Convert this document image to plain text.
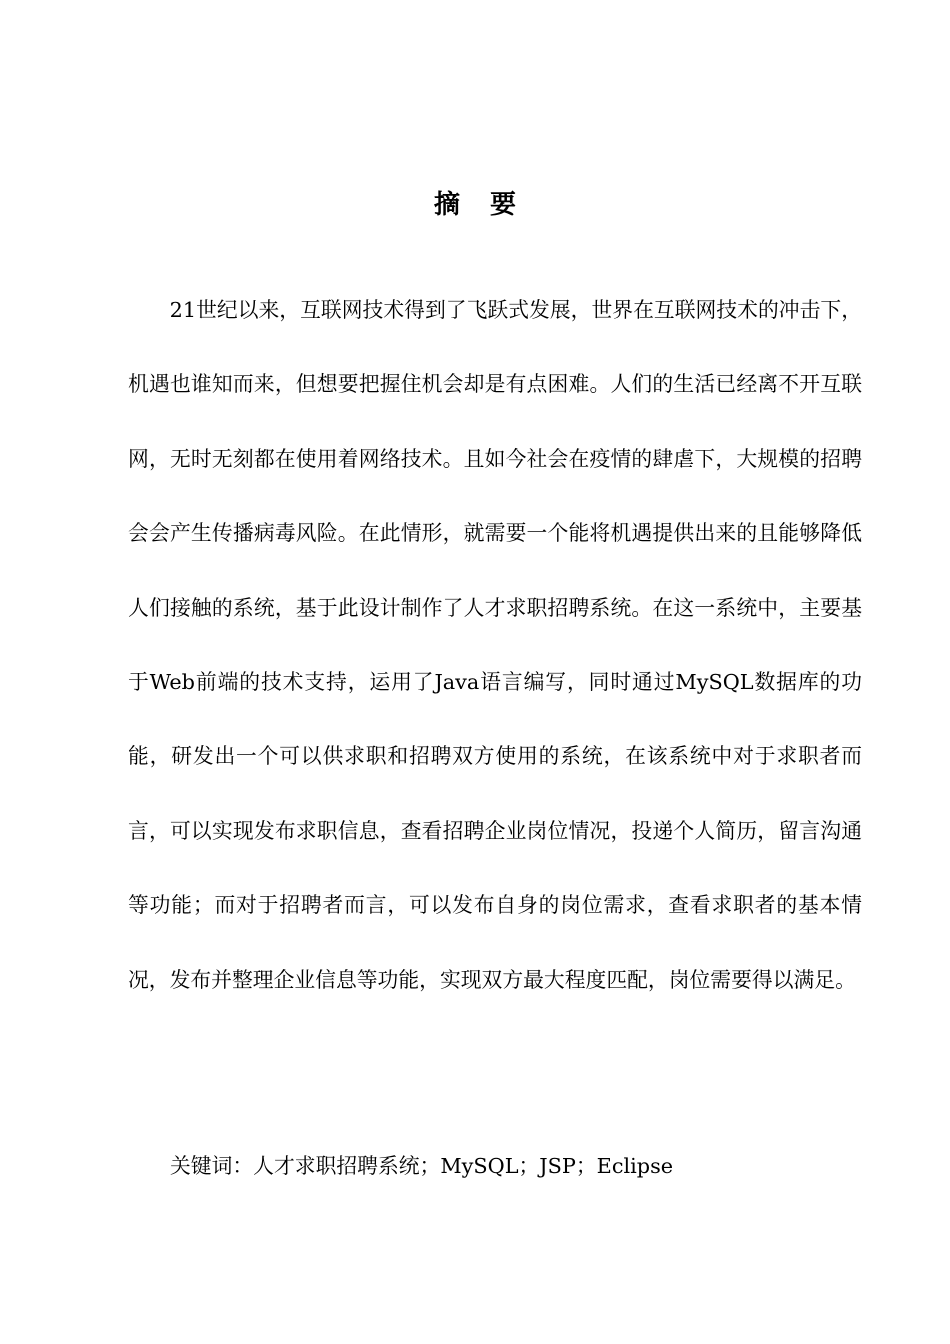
摘 要

21世纪以来，互联网技术得到了飞跃式发展，世界在互联网技术的冲击下，机遇也谁知而来，但想要把握住机会却是有点困难。人们的生活已经离不开互联网，无时无刻都在使用着网络技术。且如今社会在疫情的肆虐下，大规模的招聘会会产生传播病毒风险。在此情形，就需要一个能将机遇提供出来的且能够降低人们接触的系统，基于此设计制作了人才求职招聘系统。在这一系统中，主要基于Web前端的技术支持，运用了Java语言编写，同时通过MySQL数据库的功能，研发出一个可以供求职和招聘双方使用的系统，在该系统中对于求职者而言，可以实现发布求职信息，查看招聘企业岗位情况，投递个人简历，留言沟通等功能；而对于招聘者而言，可以发布自身的岗位需求，查看求职者的基本情况，发布并整理企业信息等功能，实现双方最大程度匹配，岗位需要得以满足。

关键词：人才求职招聘系统；MySQL；JSP；Eclipse
